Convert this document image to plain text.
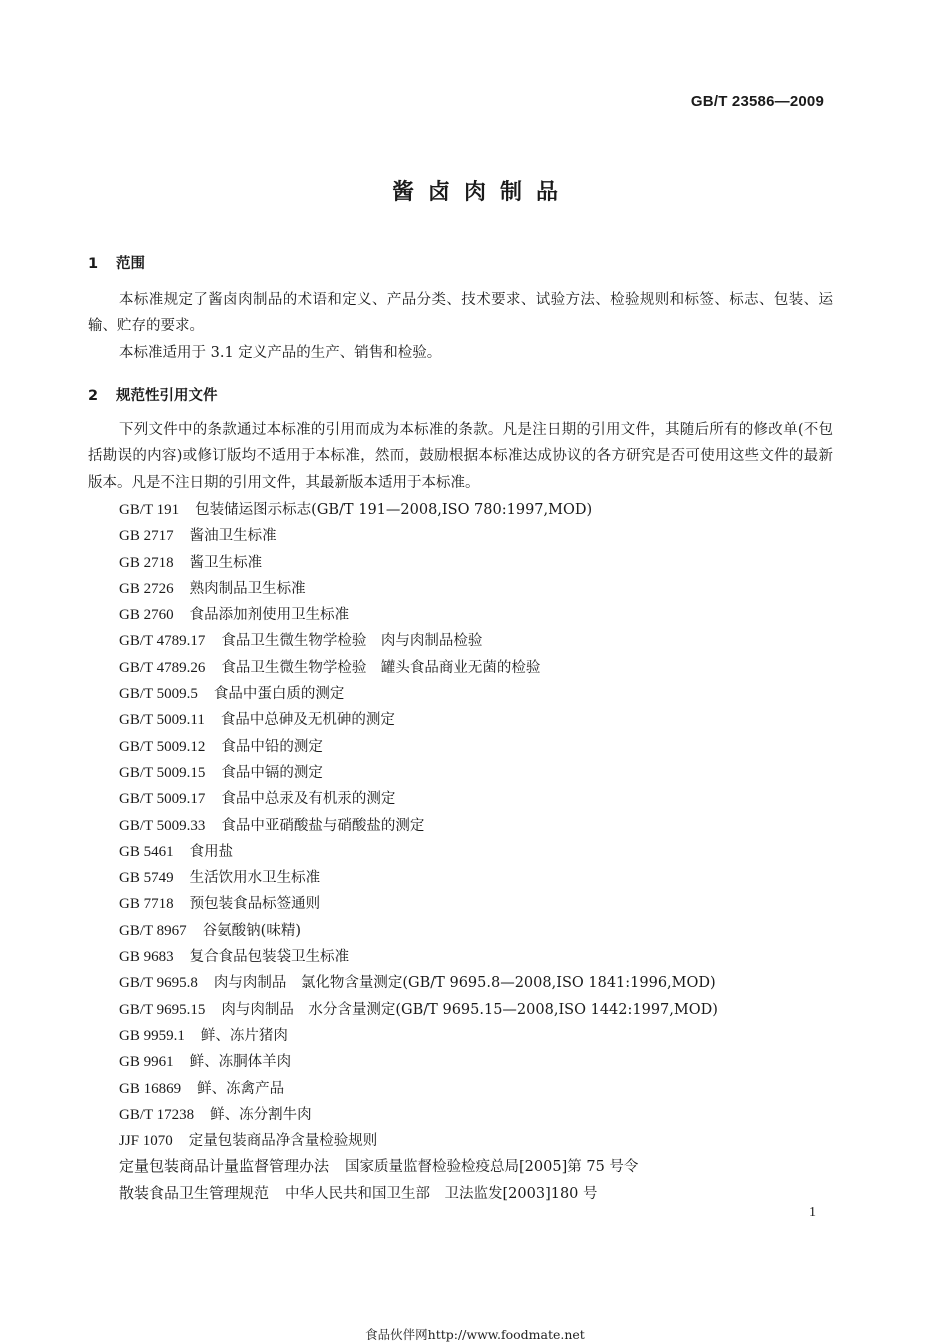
GB/T 23586—2009
酱卤肉制品
1 范围

本标准规定了酱卤肉制品的术语和定义、产品分类、技术要求、试验方法、检验规则和标签、标志、包装、运输、贮存的要求。

本标准适用于 3.1 定义产品的生产、销售和检验。

2 规范性引用文件

下列文件中的条款通过本标准的引用而成为本标准的条款。凡是注日期的引用文件，其随后所有的修改单(不包括勘误的内容)或修订版均不适用于本标准，然而，鼓励根据本标准达成协议的各方研究是否可使用这些文件的最新版本。凡是不注日期的引用文件，其最新版本适用于本标准。

GB/T 191 包装储运图示标志(GB/T 191—2008,ISO 780:1997,MOD)
GB 2717 酱油卫生标准
GB 2718 酱卫生标准
GB 2726 熟肉制品卫生标准
GB 2760 食品添加剂使用卫生标准
GB/T 4789.17 食品卫生微生物学检验　肉与肉制品检验
GB/T 4789.26 食品卫生微生物学检验　罐头食品商业无菌的检验
GB/T 5009.5 食品中蛋白质的测定
GB/T 5009.11 食品中总砷及无机砷的测定
GB/T 5009.12 食品中铅的测定
GB/T 5009.15 食品中镉的测定
GB/T 5009.17 食品中总汞及有机汞的测定
GB/T 5009.33 食品中亚硝酸盐与硝酸盐的测定
GB 5461 食用盐
GB 5749 生活饮用水卫生标准
GB 7718 预包装食品标签通则
GB/T 8967 谷氨酸钠(味精)
GB 9683 复合食品包装袋卫生标准
GB/T 9695.8 肉与肉制品　氯化物含量测定(GB/T 9695.8—2008,ISO 1841:1996,MOD)
GB/T 9695.15 肉与肉制品　水分含量测定(GB/T 9695.15—2008,ISO 1442:1997,MOD)
GB 9959.1 鲜、冻片猪肉
GB 9961 鲜、冻胴体羊肉
GB 16869 鲜、冻禽产品
GB/T 17238 鲜、冻分割牛肉
JJF 1070 定量包装商品净含量检验规则
定量包装商品计量监督管理办法 国家质量监督检验检疫总局[2005]第 75 号令
散装食品卫生管理规范 中华人民共和国卫生部　卫法监发[2003]180 号
1
食品伙伴网http://www.foodmate.net
